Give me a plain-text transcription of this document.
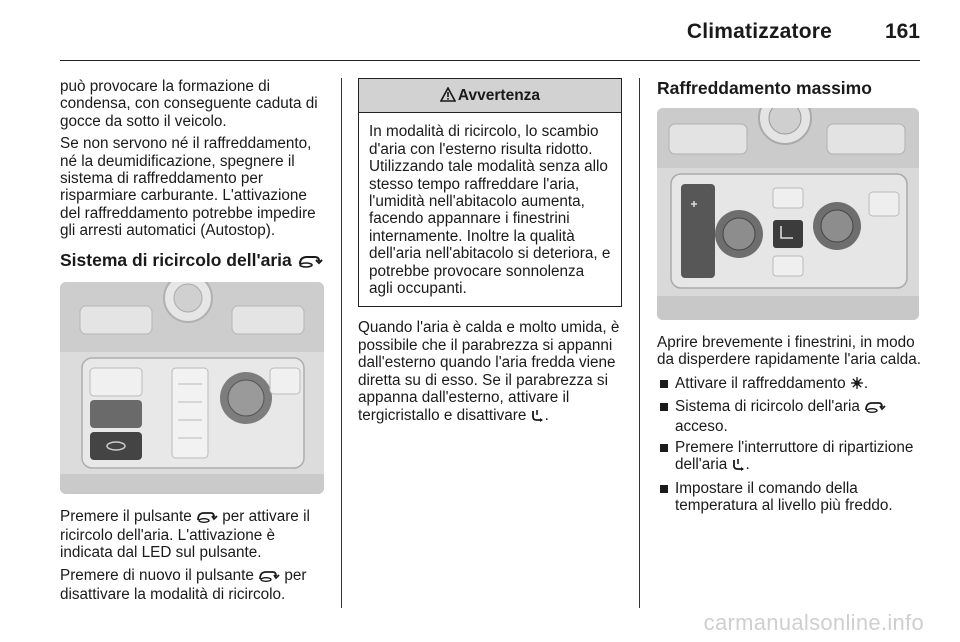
Climatizzatore	161

può provocare la formazione di condensa, con conseguente caduta di gocce da sotto il veicolo.

Se non servono né il raffreddamento, né la deumidificazione, spegnere il sistema di raffreddamento per risparmiare carburante. L'attivazione del raffreddamento potrebbe impedire gli arresti automatici (Autostop).

Sistema di ricircolo dell'aria

Premere il pulsante per attivare il ricircolo dell'aria. L'attivazione è indicata dal LED sul pulsante.

Premere di nuovo il pulsante per disattivare la modalità di ricircolo.

Avvertenza
In modalità di ricircolo, lo scambio d'aria con l'esterno risulta ridotto. Utilizzando tale modalità senza allo stesso tempo raffreddare l'aria, l'umidità nell'abitacolo aumenta, facendo appannare i finestrini internamente. Inoltre la qualità dell'aria nell'abitacolo si deteriora, e potrebbe provocare sonnolenza agli occupanti.

Quando l'aria è calda e molto umida, è possibile che il parabrezza si appanni dall'esterno quando l'aria fredda viene diretta su di esso. Se il parabrezza si appanna dall'esterno, attivare il tergicristallo e disattivare .

Raffreddamento massimo

Aprire brevemente i finestrini, in modo da disperdere rapidamente l'aria calda.

Attivare il raffreddamento .
Sistema di ricircolo dell'aria  acceso.
Premere l'interruttore di ripartizione dell'aria .
Impostare il comando della temperatura al livello più freddo.
carmanualsonline.info
